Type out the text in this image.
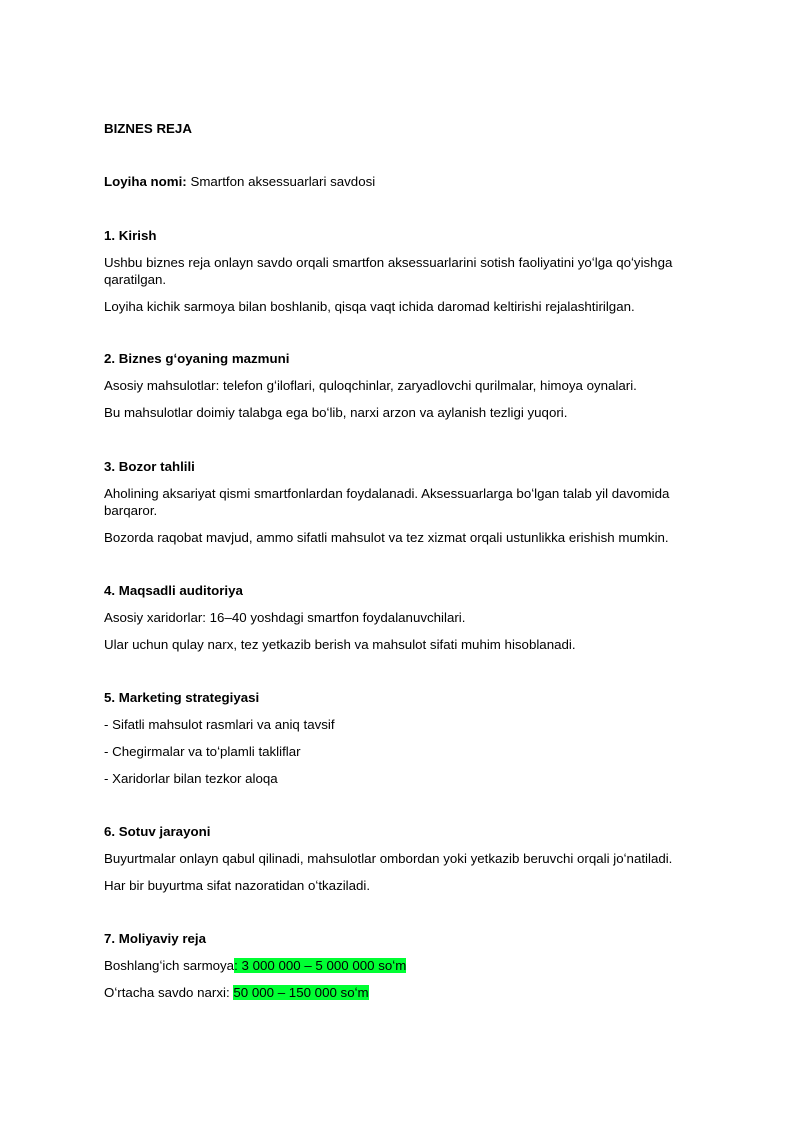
BIZNES REJA
Loyiha nomi: Smartfon aksessuarlari savdosi
1. Kirish

Ushbu biznes reja onlayn savdo orqali smartfon aksessuarlarini sotish faoliyatini yoʻlga qoʻyishga qaratilgan.

Loyiha kichik sarmoya bilan boshlanib, qisqa vaqt ichida daromad keltirishi rejalashtirilgan.

2. Biznes gʻoyaning mazmuni

Asosiy mahsulotlar: telefon gʻiloflari, quloqchinlar, zaryadlovchi qurilmalar, himoya oynalari.

Bu mahsulotlar doimiy talabga ega boʻlib, narxi arzon va aylanish tezligi yuqori.

3. Bozor tahlili

Aholining aksariyat qismi smartfonlardan foydalanadi. Aksessuarlarga boʻlgan talab yil davomida barqaror.

Bozorda raqobat mavjud, ammo sifatli mahsulot va tez xizmat orqali ustunlikka erishish mumkin.

4. Maqsadli auditoriya

Asosiy xaridorlar: 16–40 yoshdagi smartfon foydalanuvchilari.

Ular uchun qulay narx, tez yetkazib berish va mahsulot sifati muhim hisoblanadi.

5. Marketing strategiyasi

- Sifatli mahsulot rasmlari va aniq tavsif

- Chegirmalar va toʻplamli takliflar

- Xaridorlar bilan tezkor aloqa

6. Sotuv jarayoni

Buyurtmalar onlayn qabul qilinadi, mahsulotlar ombordan yoki yetkazib beruvchi orqali joʻnatiladi.

Har bir buyurtma sifat nazoratidan oʻtkaziladi.

7. Moliyaviy reja

Boshlangʻich sarmoya: 3 000 000 – 5 000 000 soʻm

Oʻrtacha savdo narxi: 50 000 – 150 000 soʻm
